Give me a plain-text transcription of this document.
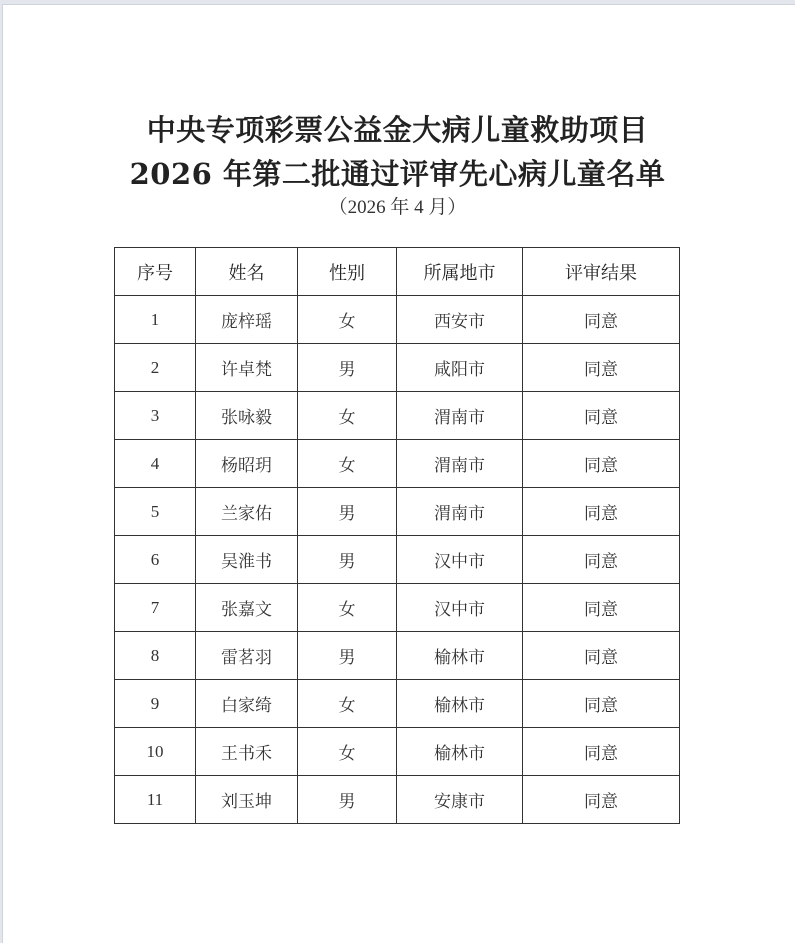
中央专项彩票公益金大病儿童救助项目
2026 年第二批通过评审先心病儿童名单
（2026 年 4 月）
序号	姓名	性别	所属地市	评审结果
1	庞梓瑶	女	西安市	同意
2	许卓梵	男	咸阳市	同意
3	张咏毅	女	渭南市	同意
4	杨昭玥	女	渭南市	同意
5	兰家佑	男	渭南市	同意
6	吴淮书	男	汉中市	同意
7	张嘉文	女	汉中市	同意
8	雷茗羽	男	榆林市	同意
9	白家绮	女	榆林市	同意
10	王书禾	女	榆林市	同意
11	刘玉坤	男	安康市	同意
